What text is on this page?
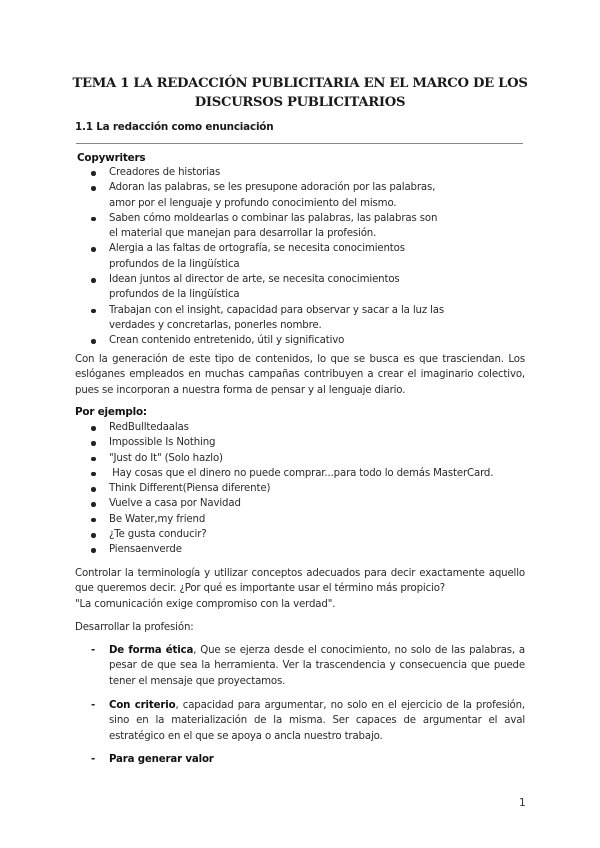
TEMA 1 LA REDACCIÓN PUBLICITARIA EN EL MARCO DE LOS
DISCURSOS PUBLICITARIOS
1.1 La redacción como enunciación
Copywriters
Creadores de historias
Adoran las palabras, se les presupone adoración por las palabras, amor por el lenguaje y profundo conocimiento del mismo.
Saben cómo moldearlas o combinar las palabras, las palabras son el material que manejan para desarrollar la profesión.
Alergia a las faltas de ortografía, se necesita conocimientos profundos de la lingüística
Idean juntos al director de arte, se necesita conocimientos profundos de la lingüística
Trabajan con el insight, capacidad para observar y sacar a la luz las verdades y concretarlas, ponerles nombre.
Crean contenido entretenido, útil y significativo
Con la generación de este tipo de contenidos, lo que se busca es que trasciendan. Los eslóganes empleados en muchas campañas contribuyen a crear el imaginario colectivo, pues se incorporan a nuestra forma de pensar y al lenguaje diario.
Por ejemplo:
RedBulltedaalas
Impossible Is Nothing
"Just do It" (Solo hazlo)
Hay cosas que el dinero no puede comprar...para todo lo demás MasterCard.
Think Different(Piensa diferente)
Vuelve a casa por Navidad
Be Water,my friend
¿Te gusta conducir?
Piensaenverde
Controlar la terminología y utilizar conceptos adecuados para decir exactamente aquello
que queremos decir. ¿Por qué es importante usar el término más propicio?
"La comunicación exige compromiso con la verdad".
Desarrollar la profesión:
- De forma ética, Que se ejerza desde el conocimiento, no solo de las palabras, a pesar de que sea la herramienta. Ver la trascendencia y consecuencia que puede tener el mensaje que proyectamos.
- Con criterio, capacidad para argumentar, no solo en el ejercicio de la profesión, sino en la materialización de la misma. Ser capaces de argumentar el aval estratégico en el que se apoya o ancla nuestro trabajo.
- Para generar valor
1
